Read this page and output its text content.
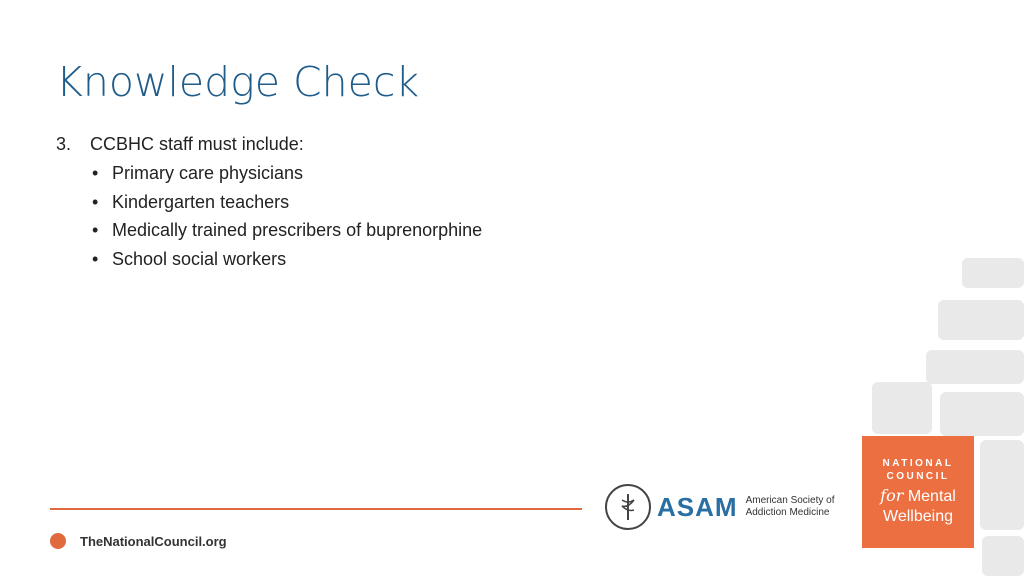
Knowledge Check
3. CCBHC staff must include:
• Primary care physicians
• Kindergarten teachers
• Medically trained prescribers of buprenorphine
• School social workers
TheNationalCouncil.org
ASAM American Society of
Addiction Medicine
NATIONAL
COUNCIL
for Mental
Wellbeing
